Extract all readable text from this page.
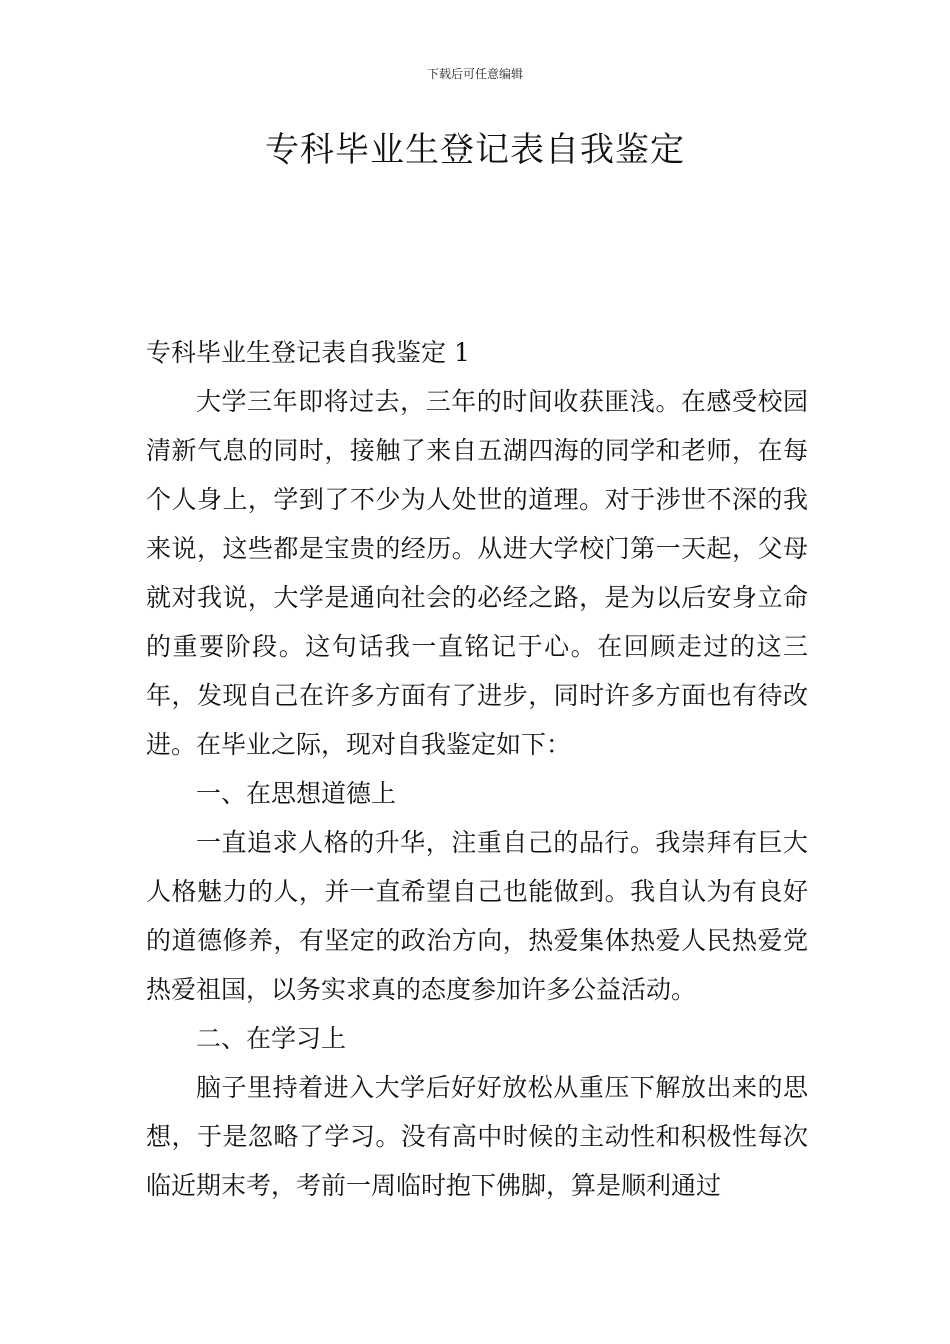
下载后可任意编辑
专科毕业生登记表自我鉴定

专科毕业生登记表自我鉴定 1

大学三年即将过去，三年的时间收获匪浅。在感受校园清新气息的同时，接触了来自五湖四海的同学和老师，在每个人身上，学到了不少为人处世的道理。对于涉世不深的我来说，这些都是宝贵的经历。从进大学校门第一天起，父母就对我说，大学是通向社会的必经之路，是为以后安身立命的重要阶段。这句话我一直铭记于心。在回顾走过的这三年，发现自己在许多方面有了进步，同时许多方面也有待改进。在毕业之际，现对自我鉴定如下：

一、在思想道德上

一直追求人格的升华，注重自己的品行。我崇拜有巨大人格魅力的人，并一直希望自己也能做到。我自认为有良好的道德修养，有坚定的政治方向，热爱集体热爱人民热爱党热爱祖国，以务实求真的态度参加许多公益活动。

二、在学习上

脑子里持着进入大学后好好放松从重压下解放出来的思想，于是忽略了学习。没有高中时候的主动性和积极性每次临近期末考，考前一周临时抱下佛脚，算是顺利通过
